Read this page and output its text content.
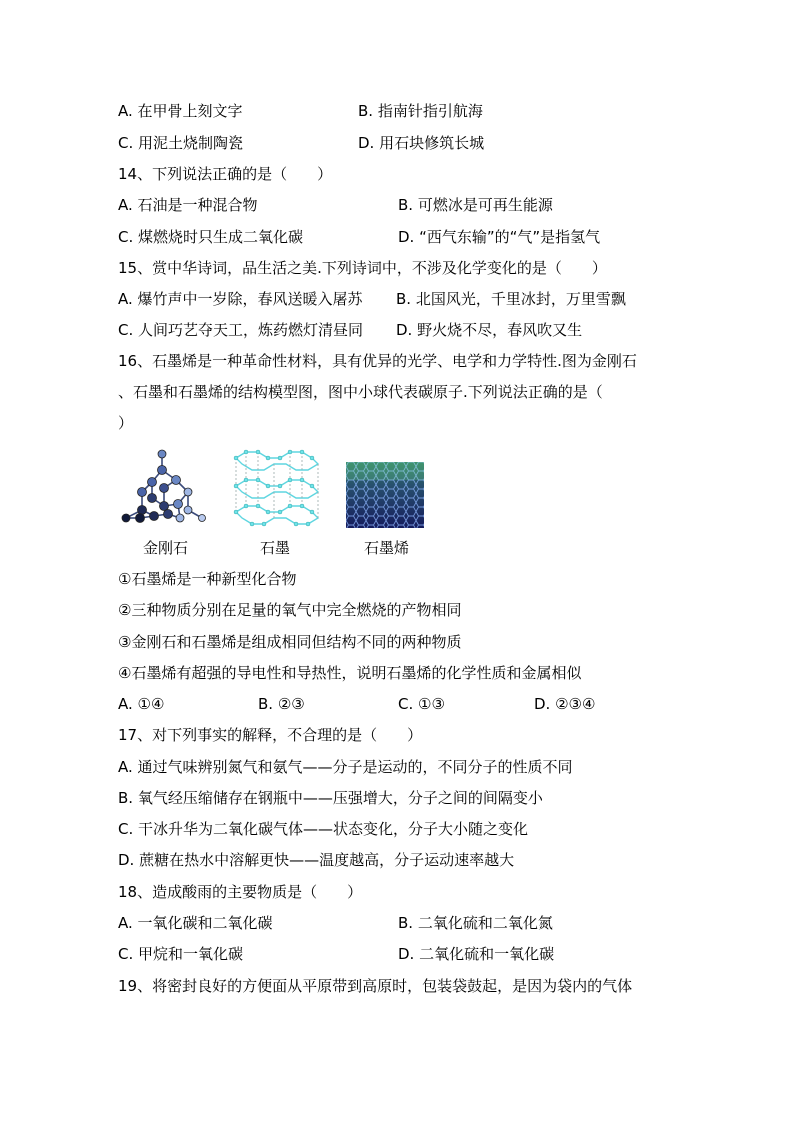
A. 在甲骨上刻文字	B. 指南针指引航海
C. 用泥土烧制陶瓷	D. 用石块修筑长城
14、下列说法正确的是（　　）
A. 石油是一种混合物	B. 可燃冰是可再生能源
C. 煤燃烧时只生成二氧化碳	D. “西气东输”的“气”是指氢气
15、赏中华诗词，品生活之美.下列诗词中，不涉及化学变化的是（　　）
A. 爆竹声中一岁除，春风送暖入屠苏 B. 北国风光，千里冰封，万里雪飘
C. 人间巧艺夺天工，炼药燃灯清昼同 D. 野火烧不尽，春风吹又生
16、石墨烯是一种革命性材料，具有优异的光学、电学和力学特性.图为金刚石
、石墨和石墨烯的结构模型图，图中小球代表碳原子.下列说法正确的是（
）
金刚石	石墨	石墨烯
①石墨烯是一种新型化合物
②三种物质分别在足量的氧气中完全燃烧的产物相同
③金刚石和石墨烯是组成相同但结构不同的两种物质
④石墨烯有超强的导电性和导热性，说明石墨烯的化学性质和金属相似
A. ①④	B. ②③	C. ①③	D. ②③④
17、对下列事实的解释，不合理的是（　　）
A. 通过气味辨别氮气和氨气——分子是运动的，不同分子的性质不同
B. 氧气经压缩储存在钢瓶中——压强增大，分子之间的间隔变小
C. 干冰升华为二氧化碳气体——状态变化，分子大小随之变化
D. 蔗糖在热水中溶解更快——温度越高，分子运动速率越大
18、造成酸雨的主要物质是（　　）
A. 一氧化碳和二氧化碳	B. 二氧化硫和二氧化氮
C. 甲烷和一氧化碳	D. 二氧化硫和一氧化碳
19、将密封良好的方便面从平原带到高原时，包装袋鼓起，是因为袋内的气体
